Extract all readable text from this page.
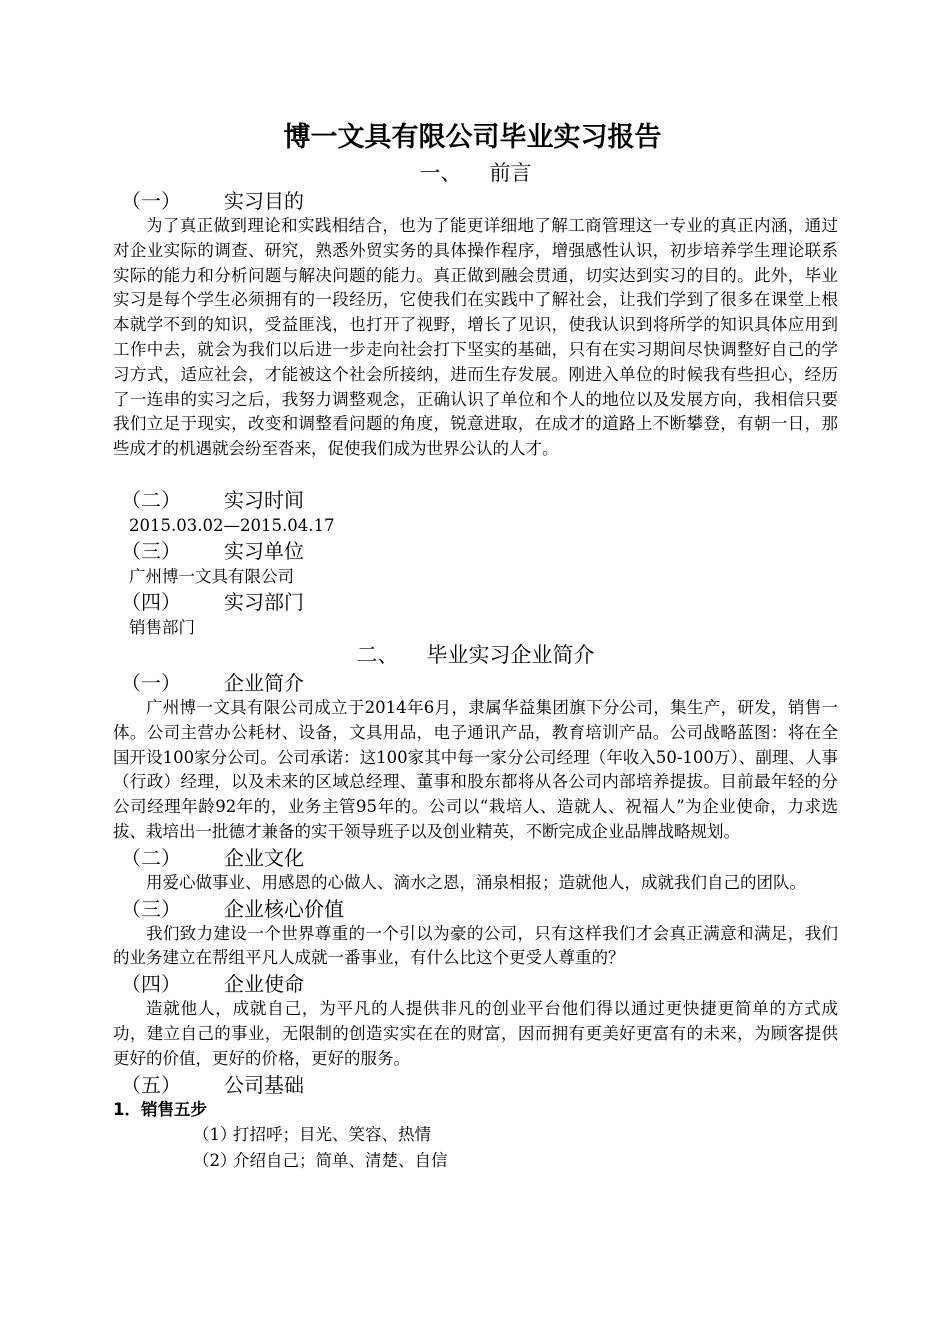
博一文具有限公司毕业实习报告
一、 前言
（一） 实习目的

为了真正做到理论和实践相结合，也为了能更详细地了解工商管理这一专业的真正内涵，通过对企业实际的调查、研究，熟悉外贸实务的具体操作程序，增强感性认识，初步培养学生理论联系实际的能力和分析问题与解决问题的能力。真正做到融会贯通，切实达到实习的目的。此外，毕业实习是每个学生必须拥有的一段经历，它使我们在实践中了解社会，让我们学到了很多在课堂上根本就学不到的知识，受益匪浅，也打开了视野，增长了见识，使我认识到将所学的知识具体应用到工作中去，就会为我们以后进一步走向社会打下坚实的基础，只有在实习期间尽快调整好自己的学习方式，适应社会，才能被这个社会所接纳，进而生存发展。刚进入单位的时候我有些担心，经历了一连串的实习之后，我努力调整观念，正确认识了单位和个人的地位以及发展方向，我相信只要我们立足于现实，改变和调整看问题的角度，锐意进取，在成才的道路上不断攀登，有朝一日，那些成才的机遇就会纷至沓来，促使我们成为世界公认的人才。

（二） 实习时间
2015.03.02—2015.04.17
（三） 实习单位
广州博一文具有限公司
（四） 实习部门
销售部门
二、 毕业实习企业简介
（一） 企业简介

广州博一文具有限公司成立于2014年6月，隶属华益集团旗下分公司，集生产，研发，销售一体。公司主营办公耗材、设备，文具用品，电子通讯产品，教育培训产品。公司战略蓝图：将在全国开设100家分公司。公司承诺：这100家其中每一家分公司经理（年收入50-100万）、副理、人事（行政）经理，以及未来的区域总经理、董事和股东都将从各公司内部培养提拔。目前最年轻的分公司经理年龄92年的，业务主管95年的。公司以“栽培人、造就人、祝福人”为企业使命，力求选拔、栽培出一批德才兼备的实干领导班子以及创业精英，不断完成企业品牌战略规划。

（二） 企业文化

用爱心做事业、用感恩的心做人、滴水之恩，涌泉相报；造就他人，成就我们自己的团队。

（三） 企业核心价值

我们致力建设一个世界尊重的一个引以为豪的公司，只有这样我们才会真正满意和满足，我们的业务建立在帮组平凡人成就一番事业，有什么比这个更受人尊重的？

（四） 企业使命

造就他人，成就自己，为平凡的人提供非凡的创业平台他们得以通过更快捷更简单的方式成功，建立自己的事业，无限制的创造实实在在的财富，因而拥有更美好更富有的未来，为顾客提供更好的价值，更好的价格，更好的服务。

（五） 公司基础
1．销售五步
（1）打招呼；目光、笑容、热情
（2）介绍自己；简单、清楚、自信
